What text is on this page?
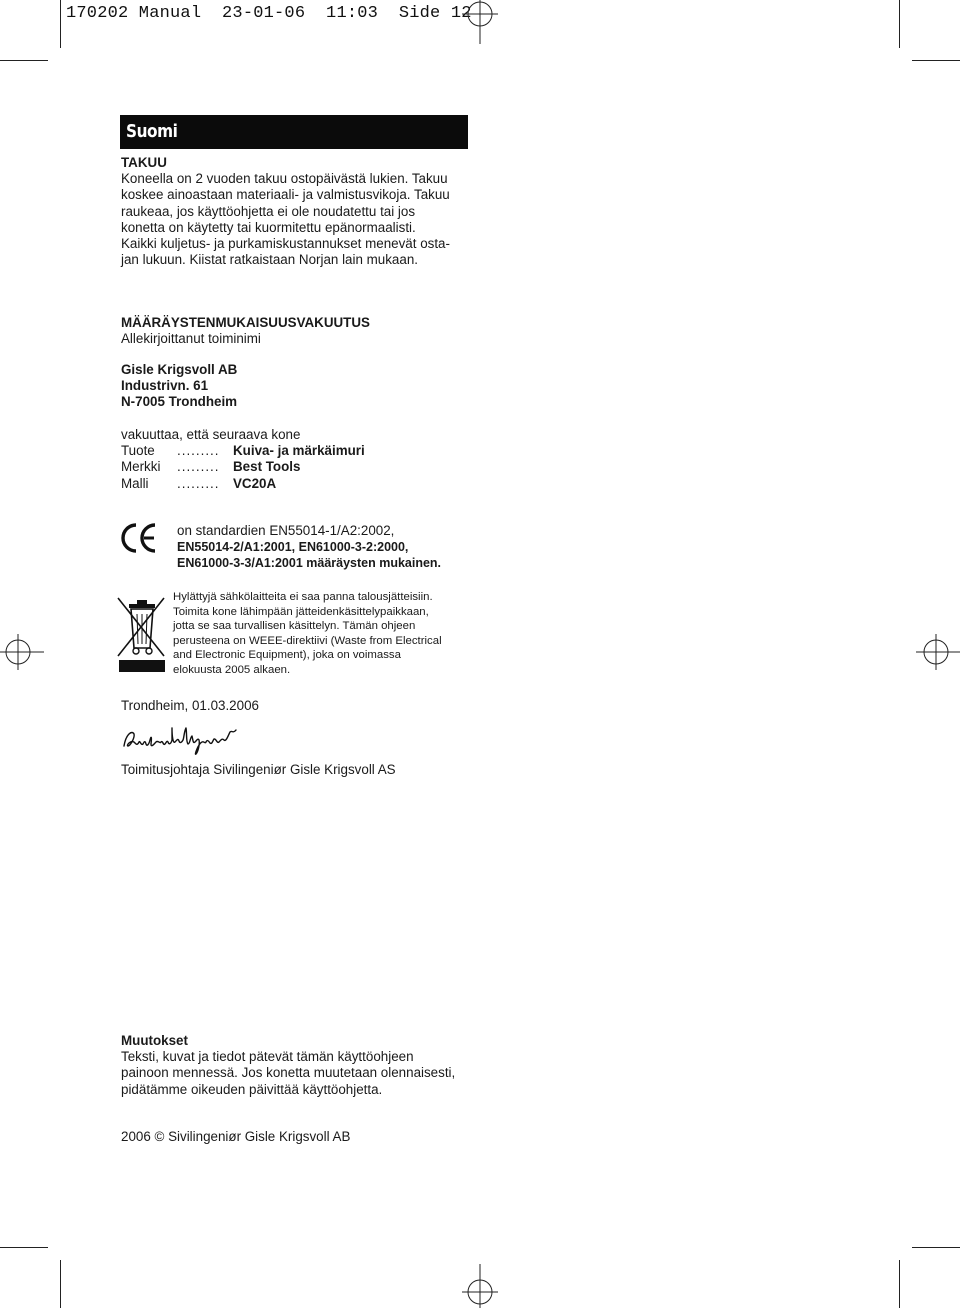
170202 Manual  23-01-06  11:03  Side 12
Suomi
TAKUU
Koneella on 2 vuoden takuu ostopäivästä lukien. Takuu
koskee ainoastaan materiaali- ja valmistusvikoja. Takuu
raukeaa, jos käyttöohjetta ei ole noudatettu tai jos
konetta on käytetty tai kuormitettu epänormaalisti.
Kaikki kuljetus- ja purkamiskustannukset menevät osta-
jan lukuun. Kiistat ratkaistaan Norjan lain mukaan.
MÄÄRÄYSTENMUKAISUUSVAKUUTUS
Allekirjoittanut toiminimi
Gisle Krigsvoll AB
Industrivn. 61
N-7005 Trondheim
vakuuttaa, että seuraava kone
Tuote	.........	Kuiva- ja märkäimuri
Merkki	.........	Best Tools
Malli	.........	VC20A
on standardien EN55014-1/A2:2002,
EN55014-2/A1:2001, EN61000-3-2:2000,
EN61000-3-3/A1:2001 määräysten mukainen.
Hylättyjä sähkölaitteita ei saa panna talousjätteisiin.
Toimita kone lähimpään jätteidenkäsittelypaikkaan,
jotta se saa turvallisen käsittelyn. Tämän ohjeen
perusteena on WEEE-direktiivi (Waste from Electrical
and Electronic Equipment), joka on voimassa
elokuusta 2005 alkaen.
Trondheim, 01.03.2006
Toimitusjohtaja Sivilingeniør Gisle Krigsvoll AS
Muutokset
Teksti, kuvat ja tiedot pätevät tämän käyttöohjeen
painoon mennessä. Jos konetta muutetaan olennaisesti,
pidätämme oikeuden päivittää käyttöohjetta.
2006 © Sivilingeniør Gisle Krigsvoll AB
